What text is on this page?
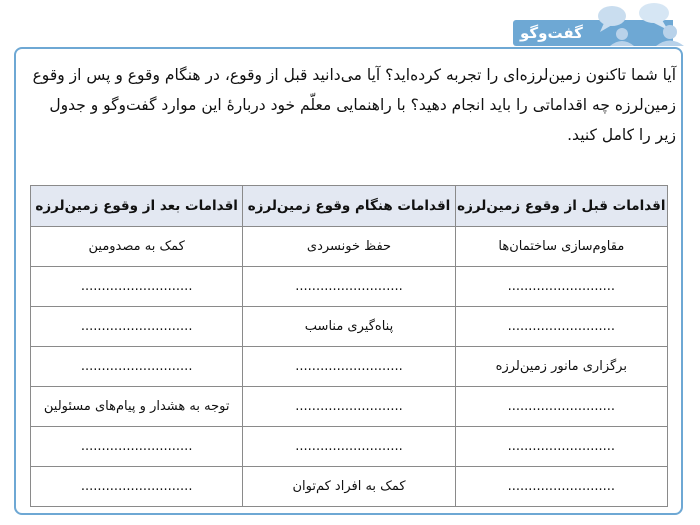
گفت‌وگو

آیا شما تاکنون زمین‌لرزه‌ای را تجربه کرده‌اید؟ آیا می‌دانید قبل از وقوع، در هنگام وقوع و پس از وقوع

زمین‌لرزه چه اقداماتی را باید انجام دهید؟ با راهنمایی معلّم خود دربارهٔ این موارد گفت‌وگو و جدول

زیر را کامل کنید.

اقدامات قبل از وقوع زمین‌لرزه	اقدامات هنگام وقوع زمین‌لرزه	اقدامات بعد از وقوع زمین‌لرزه
مقاوم‌سازی ساختمان‌ها	حفظ خونسردی	کمک به مصدومین
..........................	..........................	...........................
..........................	پناه‌گیری مناسب	...........................
برگزاری مانور زمین‌لرزه	..........................	...........................
..........................	..........................	توجه به هشدار و پیام‌های مسئولین
..........................	..........................	...........................
..........................	کمک به افراد کم‌توان	...........................
